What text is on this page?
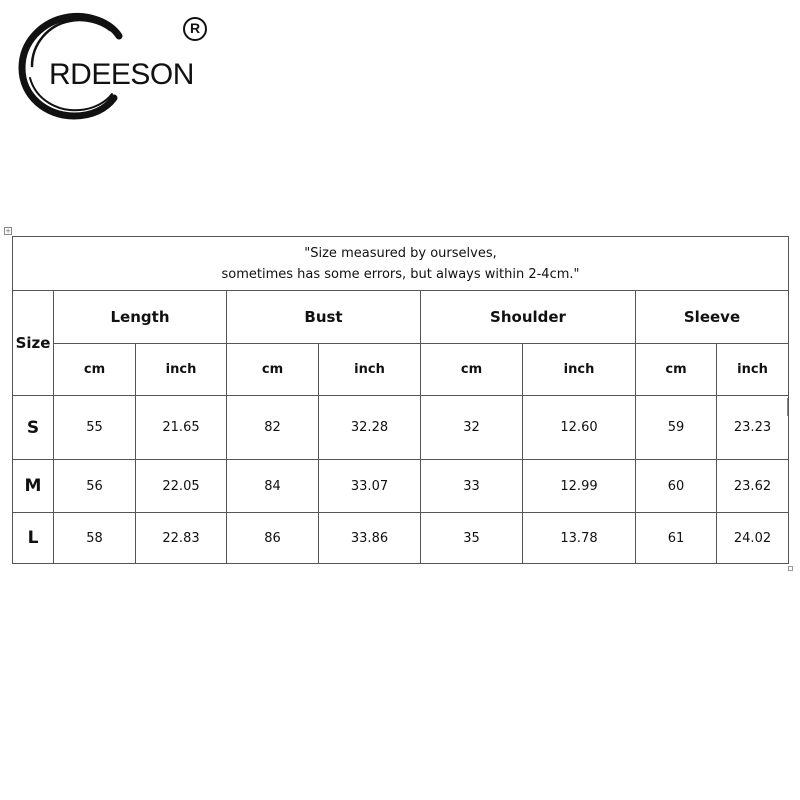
RDEESON
R
+
"Size measured by ourselves,
sometimes has some errors, but always within 2-4cm."								

Size	Length		Bust		Shoulder		Sleeve	
	cm	inch	cm	inch	cm	inch	cm	inch
S	55	21.65	82	32.28	32	12.60	59	23.23
M	56	22.05	84	33.07	33	12.99	60	23.62
L	58	22.83	86	33.86	35	13.78	61	24.02
